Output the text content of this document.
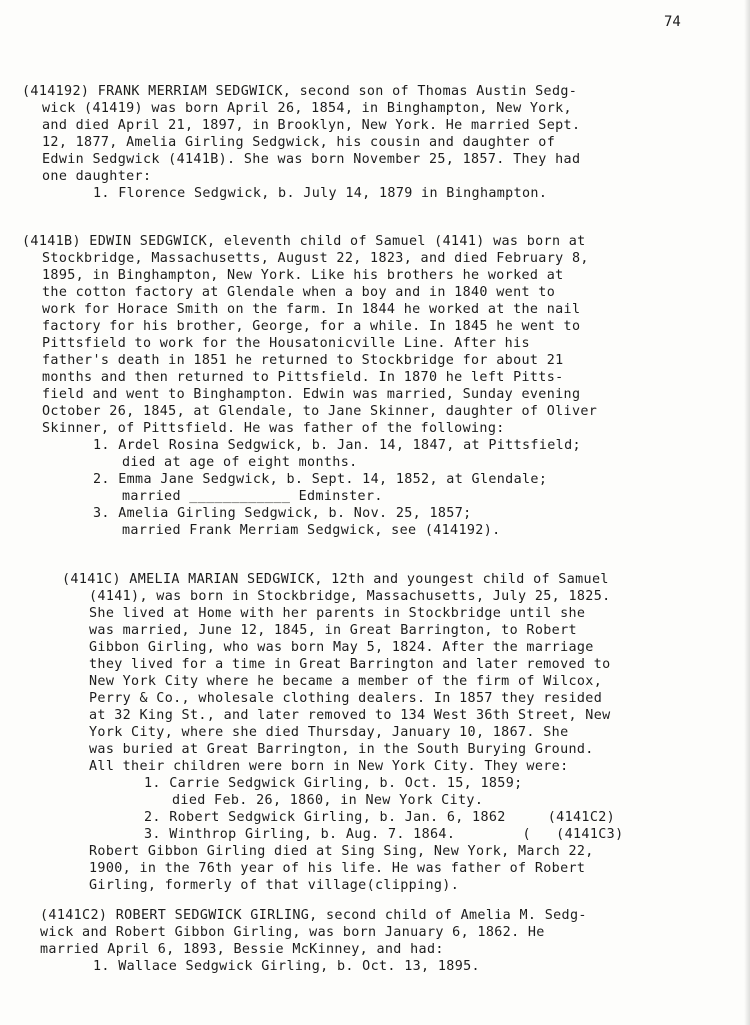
74
(414192) FRANK MERRIAM SEDGWICK, second son of Thomas Austin Sedg-
wick (41419) was born April 26, 1854, in Binghampton, New York,
and died April 21, 1897, in Brooklyn, New York. He married Sept.
12, 1877, Amelia Girling Sedgwick, his cousin and daughter of
Edwin Sedgwick (4141B). She was born November 25, 1857. They had
one daughter:
1. Florence Sedgwick, b. July 14, 1879 in Binghampton.
(4141B) EDWIN SEDGWICK, eleventh child of Samuel (4141) was born at
Stockbridge, Massachusetts, August 22, 1823, and died February 8,
1895, in Binghampton, New York. Like his brothers he worked at
the cotton factory at Glendale when a boy and in 1840 went to
work for Horace Smith on the farm. In 1844 he worked at the nail
factory for his brother, George, for a while. In 1845 he went to
Pittsfield to work for the Housatonicville Line. After his
father's death in 1851 he returned to Stockbridge for about 21
months and then returned to Pittsfield. In 1870 he left Pitts-
field and went to Binghampton. Edwin was married, Sunday evening
October 26, 1845, at Glendale, to Jane Skinner, daughter of Oliver
Skinner, of Pittsfield. He was father of the following:
1. Ardel Rosina Sedgwick, b. Jan. 14, 1847, at Pittsfield;
died at age of eight months.
2. Emma Jane Sedgwick, b. Sept. 14, 1852, at Glendale;
married ____________ Edminster.
3. Amelia Girling Sedgwick, b. Nov. 25, 1857;
married Frank Merriam Sedgwick, see (414192).
(4141C) AMELIA MARIAN SEDGWICK, 12th and youngest child of Samuel
(4141), was born in Stockbridge, Massachusetts, July 25, 1825.
She lived at Home with her parents in Stockbridge until she
was married, June 12, 1845, in Great Barrington, to Robert
Gibbon Girling, who was born May 5, 1824. After the marriage
they lived for a time in Great Barrington and later removed to
New York City where he became a member of the firm of Wilcox,
Perry & Co., wholesale clothing dealers. In 1857 they resided
at 32 King St., and later removed to 134 West 36th Street, New
York City, where she died Thursday, January 10, 1867. She
was buried at Great Barrington, in the South Burying Ground.
All their children were born in New York City. They were:
1. Carrie Sedgwick Girling, b. Oct. 15, 1859;
died Feb. 26, 1860, in New York City.
2. Robert Sedgwick Girling, b. Jan. 6, 1862     (4141C2)
3. Winthrop Girling, b. Aug. 7. 1864.        (   (4141C3)
Robert Gibbon Girling died at Sing Sing, New York, March 22,
1900, in the 76th year of his life. He was father of Robert
Girling, formerly of that village(clipping).
(4141C2) ROBERT SEDGWICK GIRLING, second child of Amelia M. Sedg-
wick and Robert Gibbon Girling, was born January 6, 1862. He
married April 6, 1893, Bessie McKinney, and had:
1. Wallace Sedgwick Girling, b. Oct. 13, 1895.
